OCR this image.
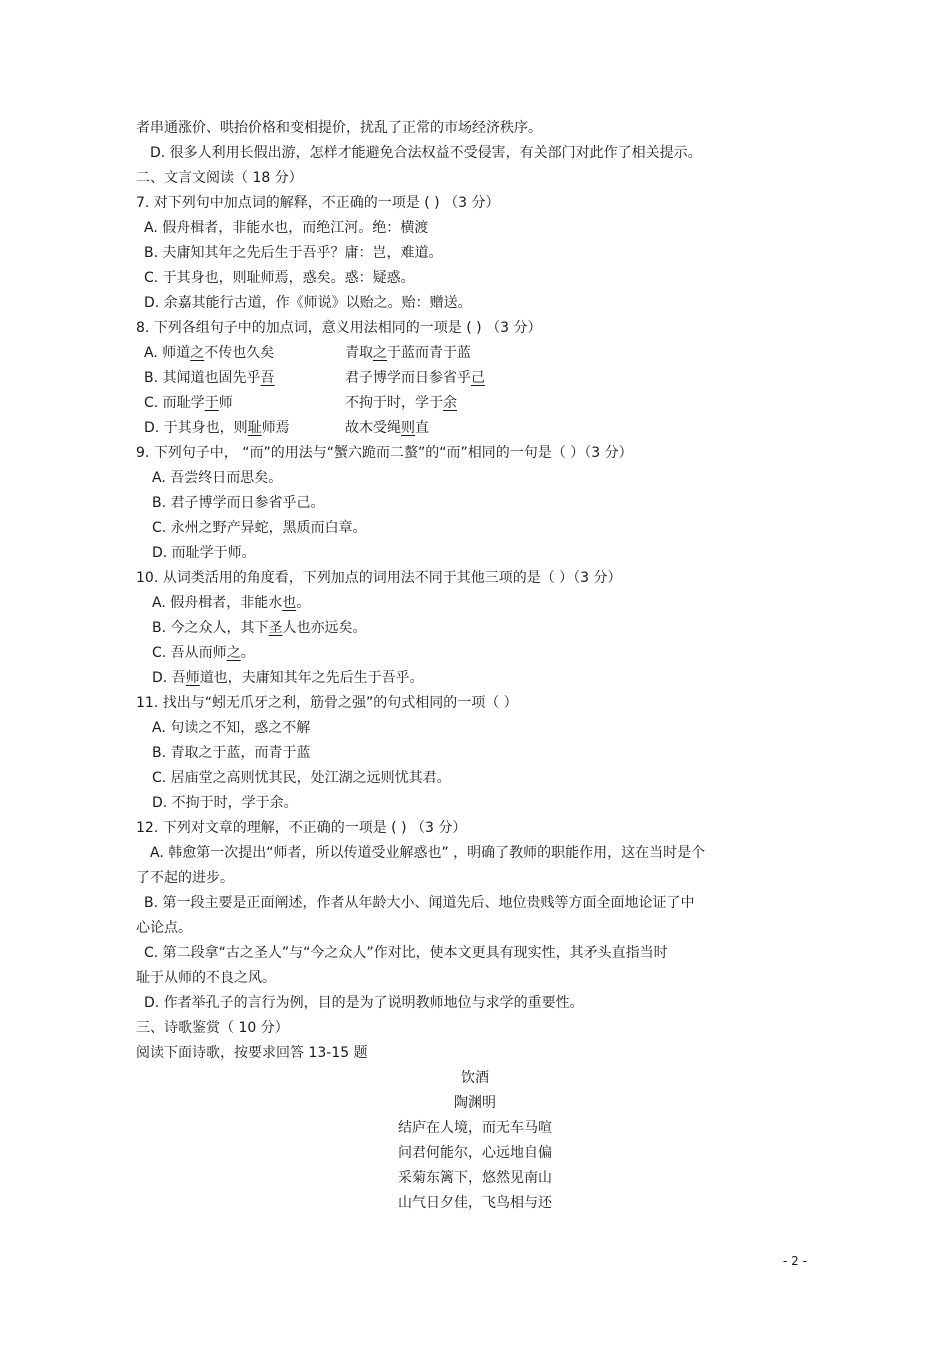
者串通涨价、哄抬价格和变相提价，扰乱了正常的市场经济秩序。
D. 很多人利用长假出游，怎样才能避免合法权益不受侵害，有关部门对此作了相关提示。
二、文言文阅读（ 18 分）
7. 对下列句中加点词的解释，不正确的一项是 ( ) （3 分）
A. 假舟楫者，非能水也，而绝江河。绝：横渡
B. 夫庸知其年之先后生于吾乎？庸：岂，难道。
C. 于其身也，则耻师焉，惑矣。惑：疑惑。
D. 余嘉其能行古道，作《师说》以贻之。贻：赠送。
8. 下列各组句子中的加点词，意义用法相同的一项是 ( ) （3 分）
A. 师道之不传也久矣	青取之于蓝而青于蓝
B. 其闻道也固先乎吾	君子博学而日参省乎己
C. 而耻学于师	不拘于时，学于余
D. 于其身也，则耻师焉	故木受绳则直
9. 下列句子中， “而”的用法与“蟹六跪而二螯”的“而”相同的一句是（ ）（3 分）
A. 吾尝终日而思矣。
B. 君子博学而日参省乎己。
C. 永州之野产异蛇，黑质而白章。
D. 而耻学于师。
10. 从词类活用的角度看，下列加点的词用法不同于其他三项的是（ ）（3 分）
A. 假舟楫者，非能水也。
B. 今之众人，其下圣人也亦远矣。
C. 吾从而师之。
D. 吾师道也，夫庸知其年之先后生于吾乎。
11. 找出与“蚓无爪牙之利，筋骨之强”的句式相同的一项（ ）
A. 句读之不知，惑之不解
B. 青取之于蓝，而青于蓝
C. 居庙堂之高则忧其民，处江湖之远则忧其君。
D. 不拘于时，学于余。
12. 下列对文章的理解，不正确的一项是 ( ) （3 分）
A. 韩愈第一次提出“师者，所以传道受业解惑也” ，明确了教师的职能作用，这在当时是个
了不起的进步。
B. 第一段主要是正面阐述，作者从年龄大小、闻道先后、地位贵贱等方面全面地论证了中
心论点。
C. 第二段拿“古之圣人”与“今之众人”作对比，使本文更具有现实性，其矛头直指当时
耻于从师的不良之风。
D. 作者举孔子的言行为例，目的是为了说明教师地位与求学的重要性。
三、诗歌鉴赏（ 10 分）
阅读下面诗歌，按要求回答 13-15 题
饮酒
陶渊明
结庐在人境，而无车马喧
问君何能尔，心远地自偏
采菊东篱下，悠然见南山
山气日夕佳，飞鸟相与还
- 2 -
